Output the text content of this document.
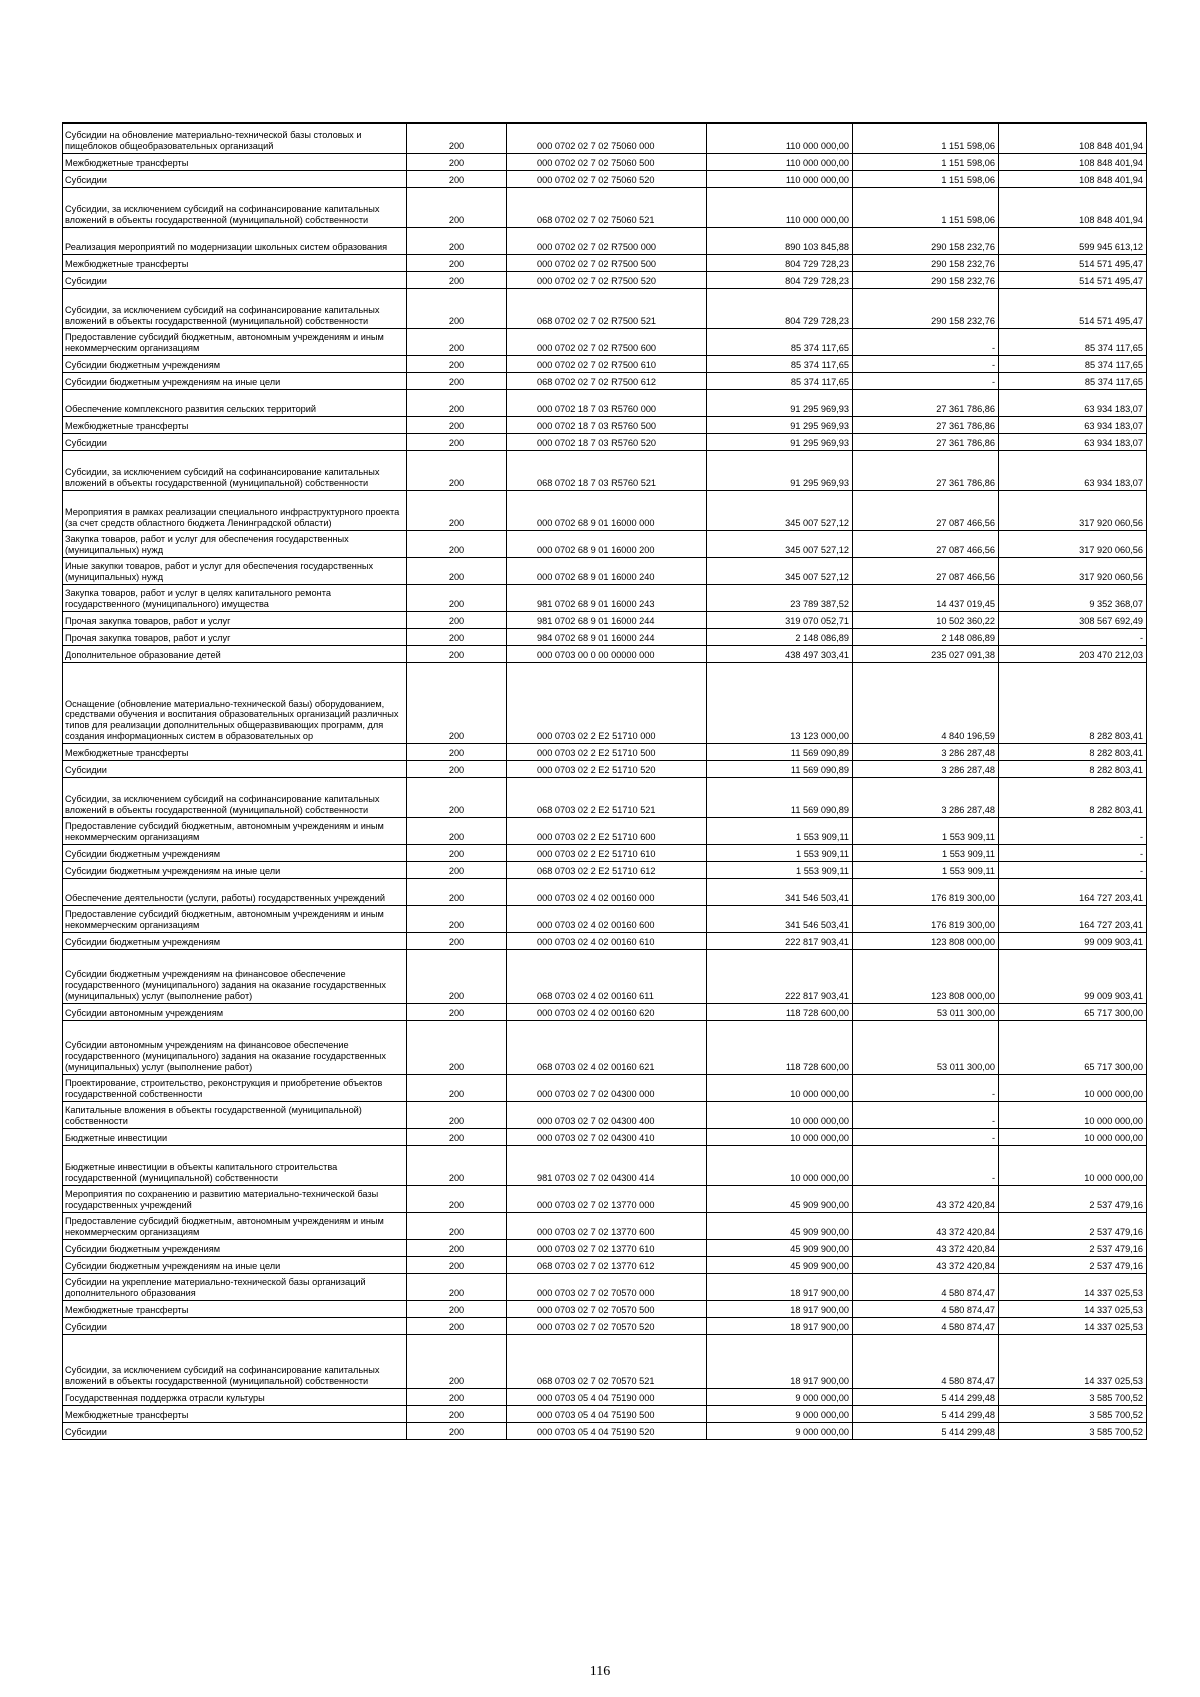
Субсидии на обновление материально-технической базы столовых и пищеблоков общеобразовательных организаций	200	000 0702 02 7 02 75060 000	110 000 000,00	1 151 598,06	108 848 401,94
Межбюджетные трансферты	200	000 0702 02 7 02 75060 500	110 000 000,00	1 151 598,06	108 848 401,94
Субсидии	200	000 0702 02 7 02 75060 520	110 000 000,00	1 151 598,06	108 848 401,94
Субсидии, за исключением субсидий на софинансирование капитальных вложений в объекты государственной (муниципальной) собственности	200	068 0702 02 7 02 75060 521	110 000 000,00	1 151 598,06	108 848 401,94
Реализация мероприятий по модернизации школьных систем образования	200	000 0702 02 7 02 R7500 000	890 103 845,88	290 158 232,76	599 945 613,12
Межбюджетные трансферты	200	000 0702 02 7 02 R7500 500	804 729 728,23	290 158 232,76	514 571 495,47
Субсидии	200	000 0702 02 7 02 R7500 520	804 729 728,23	290 158 232,76	514 571 495,47
Субсидии, за исключением субсидий на софинансирование капитальных вложений в объекты государственной (муниципальной) собственности	200	068 0702 02 7 02 R7500 521	804 729 728,23	290 158 232,76	514 571 495,47
Предоставление субсидий бюджетным, автономным учреждениям и иным некоммерческим организациям	200	000 0702 02 7 02 R7500 600	85 374 117,65	-	85 374 117,65
Субсидии бюджетным учреждениям	200	000 0702 02 7 02 R7500 610	85 374 117,65	-	85 374 117,65
Субсидии бюджетным учреждениям на иные цели	200	068 0702 02 7 02 R7500 612	85 374 117,65	-	85 374 117,65
Обеспечение комплексного развития сельских территорий	200	000 0702 18 7 03 R5760 000	91 295 969,93	27 361 786,86	63 934 183,07
Межбюджетные трансферты	200	000 0702 18 7 03 R5760 500	91 295 969,93	27 361 786,86	63 934 183,07
Субсидии	200	000 0702 18 7 03 R5760 520	91 295 969,93	27 361 786,86	63 934 183,07
Субсидии, за исключением субсидий на софинансирование капитальных вложений в объекты государственной (муниципальной) собственности	200	068 0702 18 7 03 R5760 521	91 295 969,93	27 361 786,86	63 934 183,07
Мероприятия в рамках реализации специального инфраструктурного проекта (за счет средств областного бюджета Ленинградской области)	200	000 0702 68 9 01 16000 000	345 007 527,12	27 087 466,56	317 920 060,56
Закупка товаров, работ и услуг для обеспечения государственных (муниципальных) нужд	200	000 0702 68 9 01 16000 200	345 007 527,12	27 087 466,56	317 920 060,56
Иные закупки товаров, работ и услуг для обеспечения государственных (муниципальных) нужд	200	000 0702 68 9 01 16000 240	345 007 527,12	27 087 466,56	317 920 060,56
Закупка товаров, работ и услуг в целях капитального ремонта государственного (муниципального) имущества	200	981 0702 68 9 01 16000 243	23 789 387,52	14 437 019,45	9 352 368,07
Прочая закупка товаров, работ и услуг	200	981 0702 68 9 01 16000 244	319 070 052,71	10 502 360,22	308 567 692,49
Прочая закупка товаров, работ и услуг	200	984 0702 68 9 01 16000 244	2 148 086,89	2 148 086,89	-
Дополнительное образование детей	200	000 0703 00 0 00 00000 000	438 497 303,41	235 027 091,38	203 470 212,03
Оснащение (обновление материально-технической базы) оборудованием, средствами обучения и воспитания образовательных организаций различных типов для реализации дополнительных общеразвивающих программ, для создания информационных систем в образовательных ор	200	000 0703 02 2 E2 51710 000	13 123 000,00	4 840 196,59	8 282 803,41
Межбюджетные трансферты	200	000 0703 02 2 E2 51710 500	11 569 090,89	3 286 287,48	8 282 803,41
Субсидии	200	000 0703 02 2 E2 51710 520	11 569 090,89	3 286 287,48	8 282 803,41
Субсидии, за исключением субсидий на софинансирование капитальных вложений в объекты государственной (муниципальной) собственности	200	068 0703 02 2 E2 51710 521	11 569 090,89	3 286 287,48	8 282 803,41
Предоставление субсидий бюджетным, автономным учреждениям и иным некоммерческим организациям	200	000 0703 02 2 E2 51710 600	1 553 909,11	1 553 909,11	-
Субсидии бюджетным учреждениям	200	000 0703 02 2 E2 51710 610	1 553 909,11	1 553 909,11	-
Субсидии бюджетным учреждениям на иные цели	200	068 0703 02 2 E2 51710 612	1 553 909,11	1 553 909,11	-
Обеспечение деятельности (услуги, работы) государственных учреждений	200	000 0703 02 4 02 00160 000	341 546 503,41	176 819 300,00	164 727 203,41
Предоставление субсидий бюджетным, автономным учреждениям и иным некоммерческим организациям	200	000 0703 02 4 02 00160 600	341 546 503,41	176 819 300,00	164 727 203,41
Субсидии бюджетным учреждениям	200	000 0703 02 4 02 00160 610	222 817 903,41	123 808 000,00	99 009 903,41
Субсидии бюджетным учреждениям на финансовое обеспечение государственного (муниципального) задания на оказание государственных (муниципальных) услуг (выполнение работ)	200	068 0703 02 4 02 00160 611	222 817 903,41	123 808 000,00	99 009 903,41
Субсидии автономным учреждениям	200	000 0703 02 4 02 00160 620	118 728 600,00	53 011 300,00	65 717 300,00
Субсидии автономным учреждениям на финансовое обеспечение государственного (муниципального) задания на оказание государственных (муниципальных) услуг (выполнение работ)	200	068 0703 02 4 02 00160 621	118 728 600,00	53 011 300,00	65 717 300,00
Проектирование, строительство, реконструкция и приобретение объектов государственной собственности	200	000 0703 02 7 02 04300 000	10 000 000,00	-	10 000 000,00
Капитальные вложения в объекты государственной (муниципальной) собственности	200	000 0703 02 7 02 04300 400	10 000 000,00	-	10 000 000,00
Бюджетные инвестиции	200	000 0703 02 7 02 04300 410	10 000 000,00	-	10 000 000,00
Бюджетные инвестиции в объекты капитального строительства государственной (муниципальной) собственности	200	981 0703 02 7 02 04300 414	10 000 000,00	-	10 000 000,00
Мероприятия по сохранению и развитию материально-технической базы государственных учреждений	200	000 0703 02 7 02 13770 000	45 909 900,00	43 372 420,84	2 537 479,16
Предоставление субсидий бюджетным, автономным учреждениям и иным некоммерческим организациям	200	000 0703 02 7 02 13770 600	45 909 900,00	43 372 420,84	2 537 479,16
Субсидии бюджетным учреждениям	200	000 0703 02 7 02 13770 610	45 909 900,00	43 372 420,84	2 537 479,16
Субсидии бюджетным учреждениям на иные цели	200	068 0703 02 7 02 13770 612	45 909 900,00	43 372 420,84	2 537 479,16
Субсидии на укрепление материально-технической базы организаций дополнительного образования	200	000 0703 02 7 02 70570 000	18 917 900,00	4 580 874,47	14 337 025,53
Межбюджетные трансферты	200	000 0703 02 7 02 70570 500	18 917 900,00	4 580 874,47	14 337 025,53
Субсидии	200	000 0703 02 7 02 70570 520	18 917 900,00	4 580 874,47	14 337 025,53
Субсидии, за исключением субсидий на софинансирование капитальных вложений в объекты государственной (муниципальной) собственности	200	068 0703 02 7 02 70570 521	18 917 900,00	4 580 874,47	14 337 025,53
Государственная поддержка отрасли культуры	200	000 0703 05 4 04 75190 000	9 000 000,00	5 414 299,48	3 585 700,52
Межбюджетные трансферты	200	000 0703 05 4 04 75190 500	9 000 000,00	5 414 299,48	3 585 700,52
Субсидии	200	000 0703 05 4 04 75190 520	9 000 000,00	5 414 299,48	3 585 700,52
116
